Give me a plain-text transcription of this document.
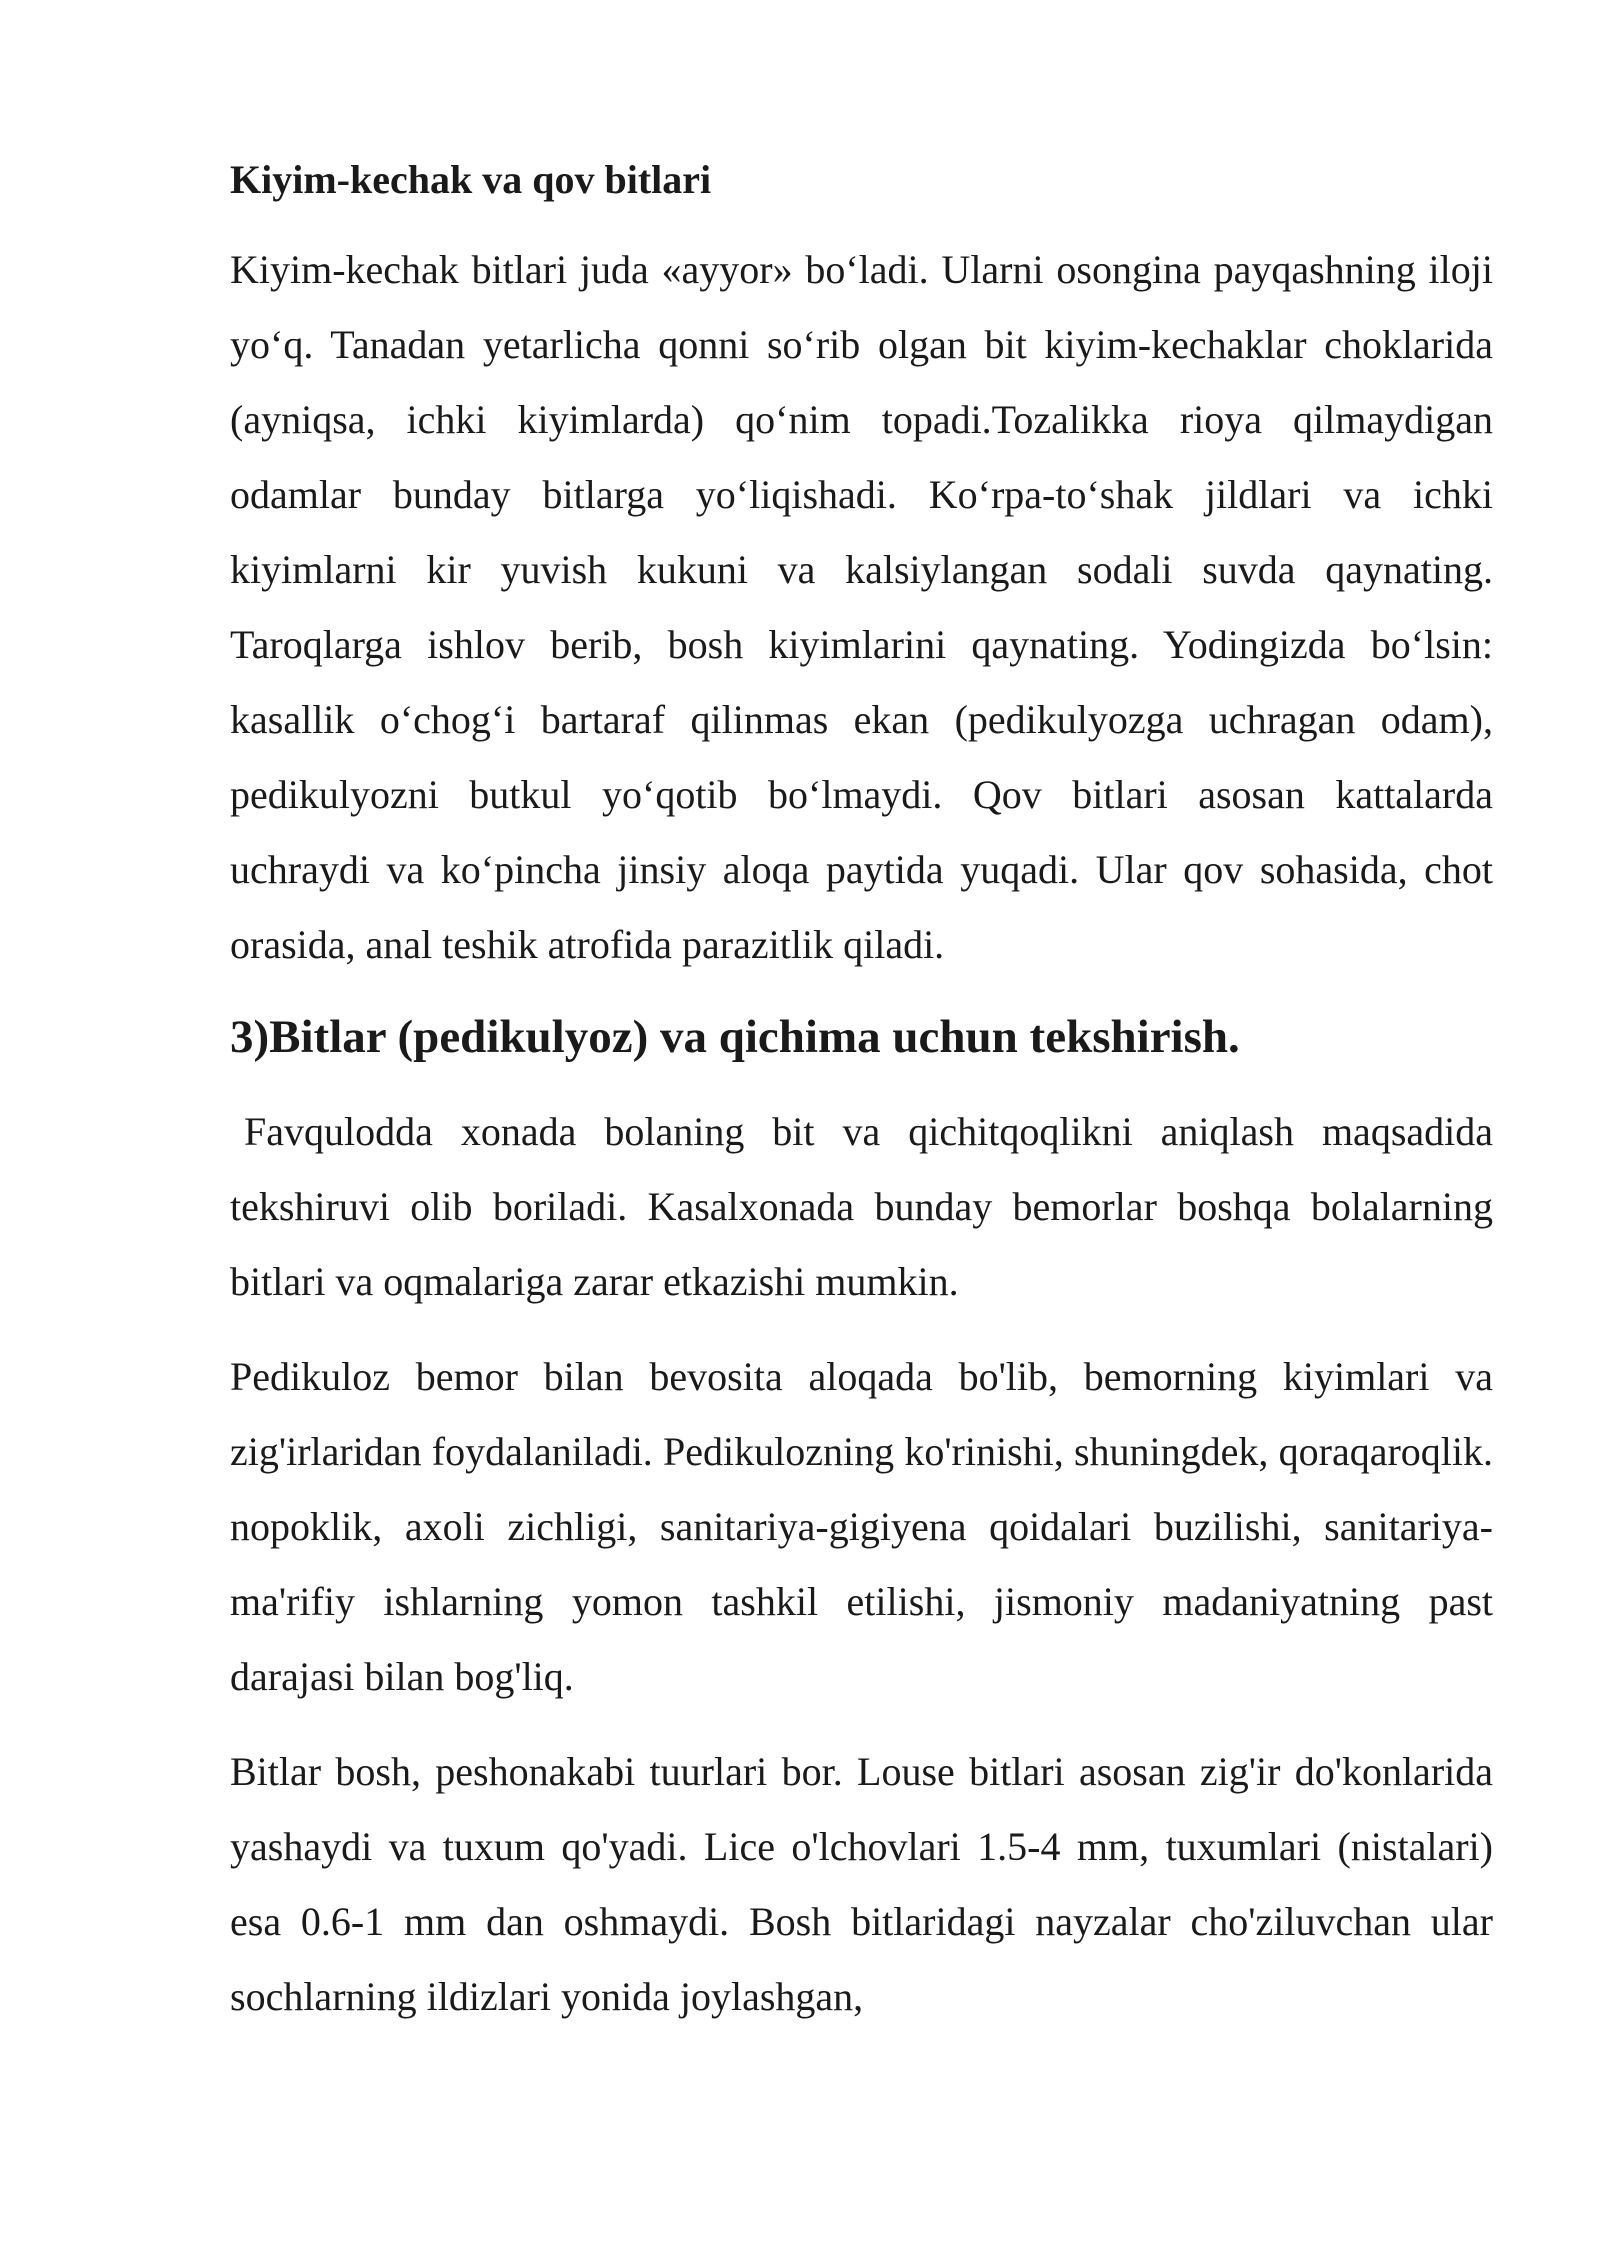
Kiyim-kechak va qov bitlari

Kiyim-kechak bitlari juda «ayyor» bo‘ladi. Ularni osongina payqashning iloji yo‘q. Tanadan yetarlicha qonni so‘rib olgan bit kiyim-kechaklar choklarida (ayniqsa, ichki kiyimlarda) qo‘nim topadi.Tozalikka rioya qilmaydigan odamlar bunday bitlarga yo‘liqishadi. Ko‘rpa-to‘shak jildlari va ichki kiyimlarni kir yuvish kukuni va kalsiylangan sodali suvda qaynating. Taroqlarga ishlov berib, bosh kiyimlarini qaynating. Yodingizda bo‘lsin: kasallik o‘chog‘i bartaraf qilinmas ekan (pedikulyozga uchragan odam), pedikulyozni butkul yo‘qotib bo‘lmaydi. Qov bitlari asosan kattalarda uchraydi va ko‘pincha jinsiy aloqa paytida yuqadi. Ular qov sohasida, chot orasida, anal teshik atrofida parazitlik qiladi.

3)Bitlar (pedikulyoz) va qichima uchun tekshirish.

Favqulodda xonada bolaning bit va qichitqoqlikni aniqlash maqsadida tekshiruvi olib boriladi. Kasalxonada bunday bemorlar boshqa bolalarning bitlari va oqmalariga zarar etkazishi mumkin.

Pedikuloz bemor bilan bevosita aloqada bo'lib, bemorning kiyimlari va zig'irlaridan foydalaniladi. Pedikulozning ko'rinishi, shuningdek, qoraqaroqlik. nopoklik, axoli zichligi, sanitariya-gigiyena qoidalari buzilishi, sanitariya-ma'rifiy ishlarning yomon tashkil etilishi, jismoniy madaniyatning past darajasi bilan bog'liq.

Bitlar bosh, peshonakabi tuurlari bor. Louse bitlari asosan zig'ir do'konlarida yashaydi va tuxum qo'yadi. Lice o'lchovlari 1.5-4 mm, tuxumlari (nistalari) esa 0.6-1 mm dan oshmaydi. Bosh bitlaridagi nayzalar cho'ziluvchan ular sochlarning ildizlari yonida joylashgan,
